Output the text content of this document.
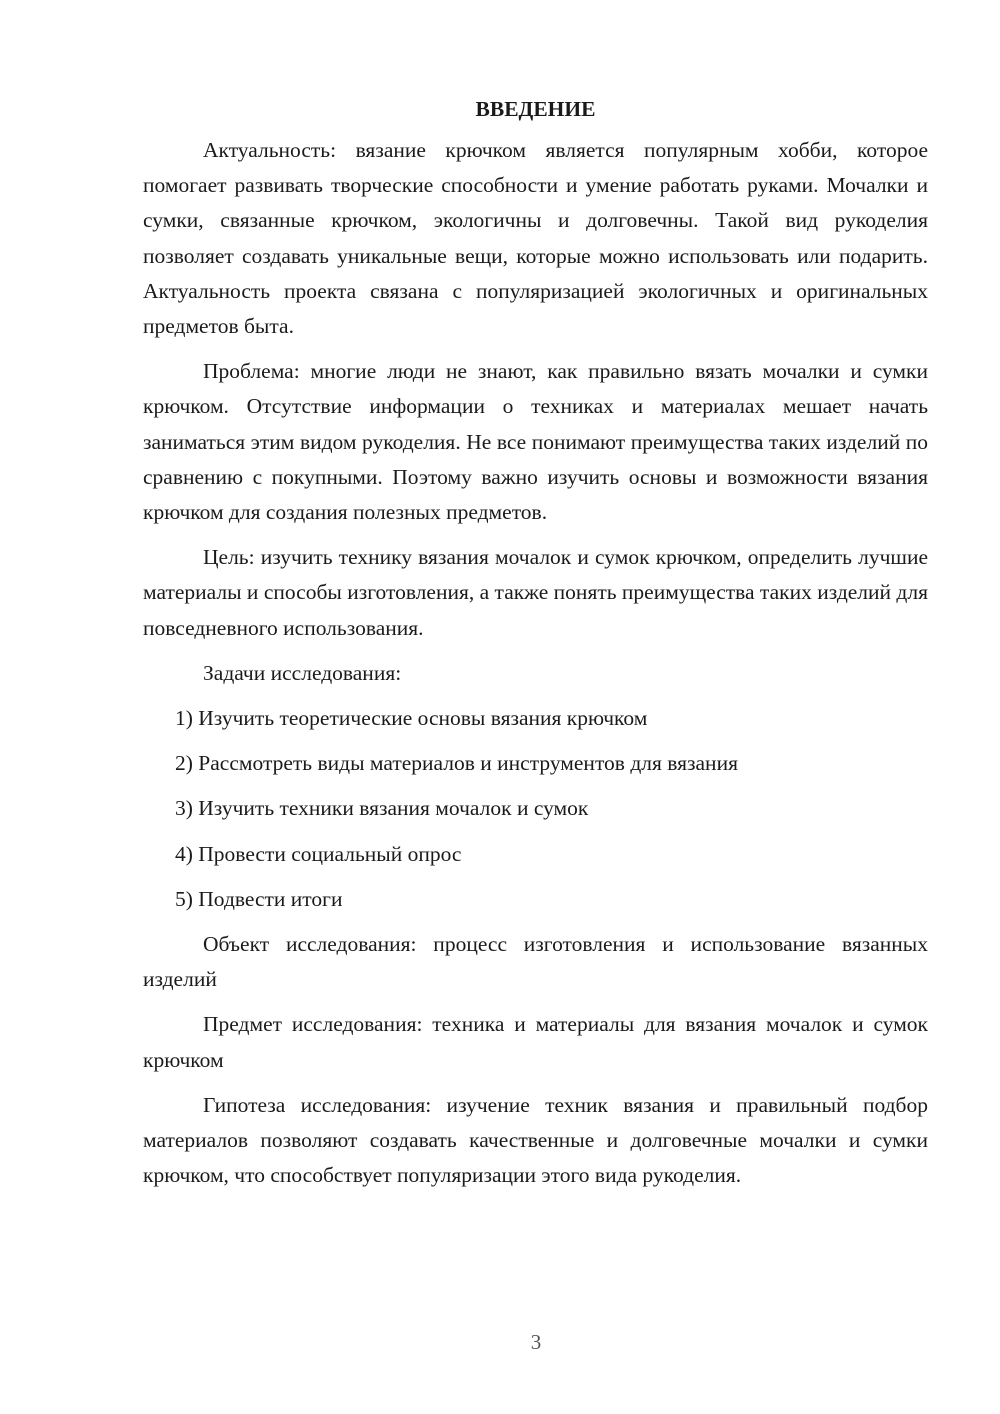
ВВЕДЕНИЕ

Актуальность: вязание крючком является популярным хобби, которое помогает развивать творческие способности и умение работать руками. Мочалки и сумки, связанные крючком, экологичны и долговечны. Такой вид рукоделия позволяет создавать уникальные вещи, которые можно использовать или подарить. Актуальность проекта связана с популяризацией экологичных и оригинальных предметов быта.

Проблема: многие люди не знают, как правильно вязать мочалки и сумки крючком. Отсутствие информации о техниках и материалах мешает начать заниматься этим видом рукоделия. Не все понимают преимущества таких изделий по сравнению с покупными. Поэтому важно изучить основы и возможности вязания крючком для создания полезных предметов.

Цель: изучить технику вязания мочалок и сумок крючком, определить лучшие материалы и способы изготовления, а также понять преимущества таких изделий для повседневного использования.

Задачи исследования:
1) Изучить теоретические основы вязания крючком
2) Рассмотреть виды материалов и инструментов для вязания
3) Изучить техники вязания мочалок и сумок
4) Провести социальный опрос
5) Подвести итоги

Объект исследования: процесс изготовления и использование вязанных изделий

Предмет исследования: техника и материалы для вязания мочалок и сумок крючком

Гипотеза исследования: изучение техник вязания и правильный подбор материалов позволяют создавать качественные и долговечные мочалки и сумки крючком, что способствует популяризации этого вида рукоделия.

3
